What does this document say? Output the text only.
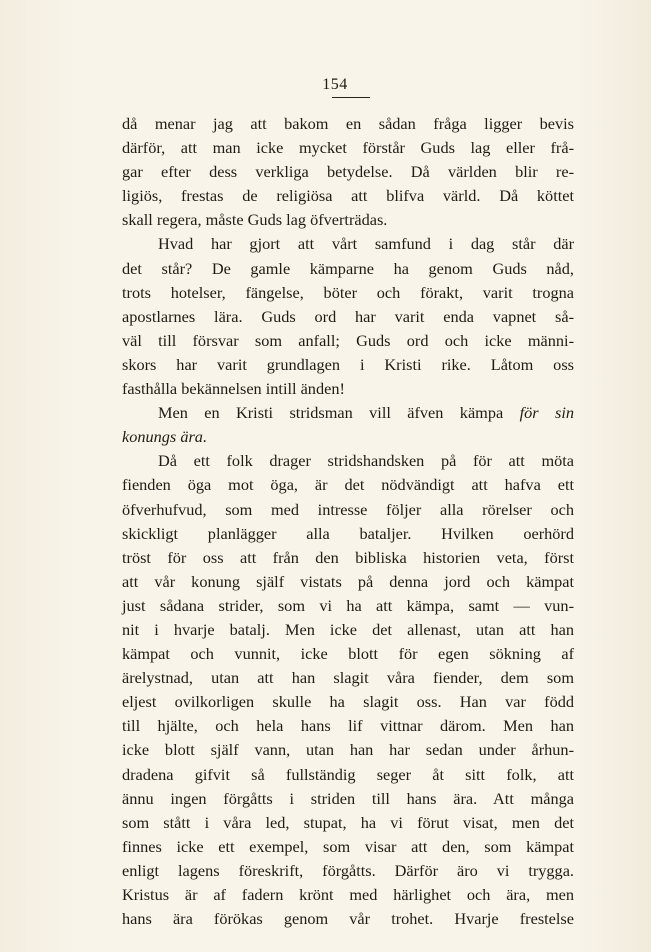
154
då menar jag att bakom en sådan fråga ligger bevis
därför, att man icke mycket förstår Guds lag eller frå-
gar efter dess verkliga betydelse. Då världen blir re-
ligiös, frestas de religiösa att blifva värld. Då köttet
skall regera, måste Guds lag öfverträdas.
Hvad har gjort att vårt samfund i dag står där
det står? De gamle kämparne ha genom Guds nåd,
trots hotelser, fängelse, böter och förakt, varit trogna
apostlarnes lära. Guds ord har varit enda vapnet så-
väl till försvar som anfall; Guds ord och icke männi-
skors har varit grundlagen i Kristi rike. Låtom oss
fasthålla bekännelsen intill änden!
Men en Kristi stridsman vill äfven kämpa för sin
konungs ära.
Då ett folk drager stridshandsken på för att möta
fienden öga mot öga, är det nödvändigt att hafva ett
öfverhufvud, som med intresse följer alla rörelser och
skickligt planlägger alla bataljer. Hvilken oerhörd
tröst för oss att från den bibliska historien veta, först
att vår konung själf vistats på denna jord och kämpat
just sådana strider, som vi ha att kämpa, samt — vun-
nit i hvarje batalj. Men icke det allenast, utan att han
kämpat och vunnit, icke blott för egen sökning af
ärelystnad, utan att han slagit våra fiender, dem som
eljest ovilkorligen skulle ha slagit oss. Han var född
till hjälte, och hela hans lif vittnar därom. Men han
icke blott själf vann, utan han har sedan under århun-
dradena gifvit så fullständig seger åt sitt folk, att
ännu ingen förgåtts i striden till hans ära. Att många
som stått i våra led, stupat, ha vi förut visat, men det
finnes icke ett exempel, som visar att den, som kämpat
enligt lagens föreskrift, förgåtts. Därför äro vi trygga.
Kristus är af fadern krönt med härlighet och ära, men
hans ära förökas genom vår trohet. Hvarje frestelse
